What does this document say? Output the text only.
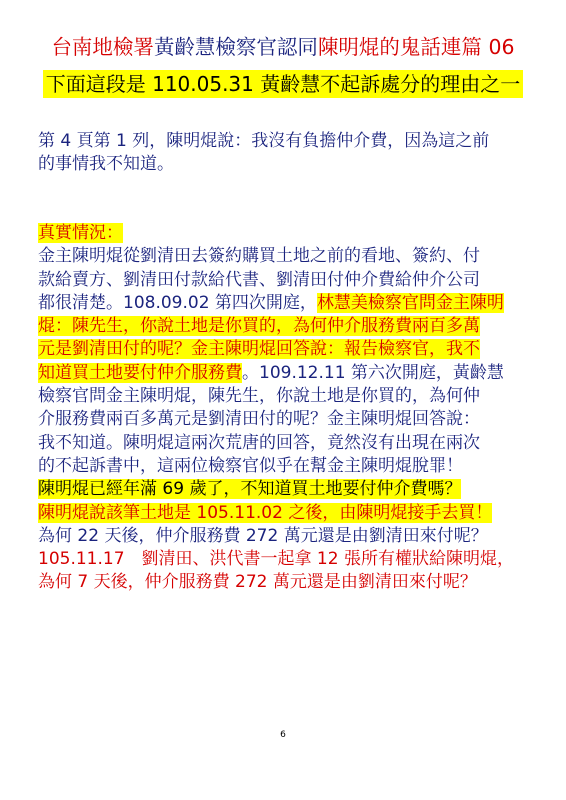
台南地檢署黃齡慧檢察官認同陳明焜的鬼話連篇 06
下面這段是 110.05.31 黃齡慧不起訴處分的理由之一
第 4 頁第 1 列，陳明焜說：我沒有負擔仲介費，因為這之前
的事情我不知道。
真實情況：
金主陳明焜從劉清田去簽約購買土地之前的看地、簽約、付
款給賣方、劉清田付款給代書、劉清田付仲介費給仲介公司
都很清楚。108.09.02 第四次開庭，林慧美檢察官問金主陳明
焜：陳先生，你說土地是你買的，為何仲介服務費兩百多萬
元是劉清田付的呢？金主陳明焜回答說：報告檢察官，我不
知道買土地要付仲介服務費。109.12.11 第六次開庭，黃齡慧
檢察官問金主陳明焜，陳先生，你說土地是你買的，為何仲
介服務費兩百多萬元是劉清田付的呢？金主陳明焜回答說：
我不知道。陳明焜這兩次荒唐的回答，竟然沒有出現在兩次
的不起訴書中，這兩位檢察官似乎在幫金主陳明焜脫罪！
陳明焜已經年滿 69 歲了，不知道買土地要付仲介費嗎？
陳明焜說該筆土地是 105.11.02 之後，由陳明焜接手去買！
為何 22 天後，仲介服務費 272 萬元還是由劉清田來付呢？
105.11.17　劉清田、洪代書一起拿 12 張所有權狀給陳明焜，
為何 7 天後，仲介服務費 272 萬元還是由劉清田來付呢？
6
